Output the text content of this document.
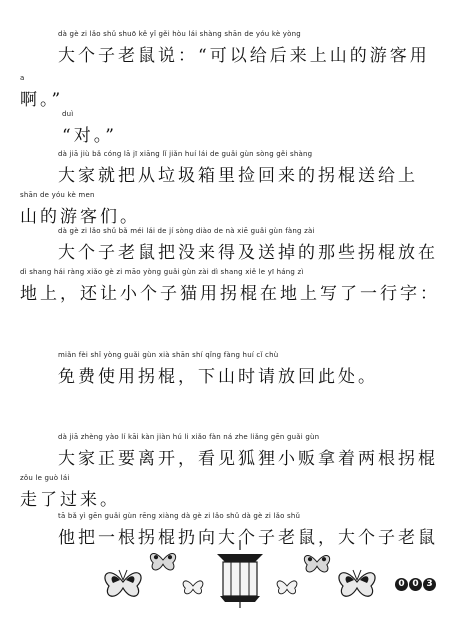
dà gè zi lǎo shǔ shuō kě yǐ gěi hòu lái shàng shān de yóu kè yòng
大个子老鼠说：“可以给后来上山的游客用
a
啊。”
duì
“对。”
dà jiā jiù bǎ cóng lā jī xiāng lǐ jiǎn huí lái de guǎi gùn sòng gěi shàng
大家就把从垃圾箱里捡回来的拐棍送给上
shān de yóu kè men
山的游客们。
dà gè zi lǎo shǔ bǎ méi lái de jí sòng diào de nà xiē guǎi gùn fàng zài
大个子老鼠把没来得及送掉的那些拐棍放在
dì shang hái ràng xiǎo gè zi māo yòng guǎi gùn zài dì shang xiě le yī háng zì
地上，还让小个子猫用拐棍在地上写了一行字：
miǎn fèi shǐ yòng guǎi gùn xià shān shí qǐng fàng huí cǐ chù
免费使用拐棍，下山时请放回此处。
dà jiā zhèng yào lí kāi kàn jiàn hú li xiǎo fàn ná zhe liǎng gēn guǎi gùn
大家正要离开，看见狐狸小贩拿着两根拐棍
zǒu le guò lái
走了过来。
tā bǎ yì gēn guǎi gùn rēng xiàng dà gè zi lǎo shǔ dà gè zi lǎo shǔ
他把一根拐棍扔向大个子老鼠，大个子老鼠
0 0 3
